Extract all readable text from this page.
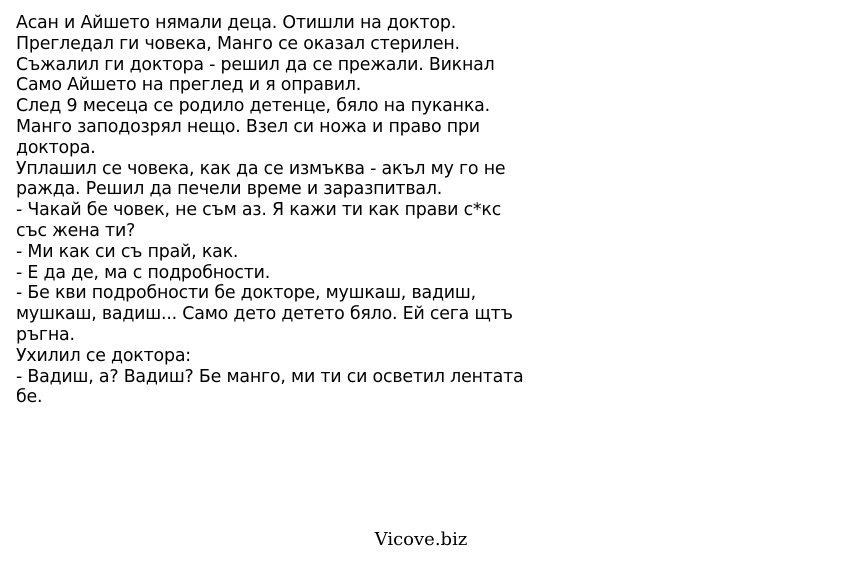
Асан и Айшето нямали деца. Отишли на доктор.
Прегледал ги човека, Манго се оказал стерилен.
Съжалил ги доктора - решил да се прежали. Викнал
Само Айшето на преглед и я оправил.
След 9 месеца се родило детенце, бяло на пуканка.
Манго заподозрял нещо. Взел си ножа и право при
доктора.
Уплашил се човека, как да се измъква - акъл му го не
ражда. Решил да печели време и заразпитвал.
- Чакай бе човек, не съм аз. Я кажи ти как прави с*кс
със жена ти?
- Ми как си съ прай, как.
- Е да де, ма с подробности.
- Бе кви подробности бе докторе, мушкаш, вадиш,
мушкаш, вадиш... Само дето детето бяло. Ей сега щтъ
ръгна.
Ухилил се доктора:
- Вадиш, а? Вадиш? Бе манго, ми ти си осветил лентата
бе.
Vicove.biz
